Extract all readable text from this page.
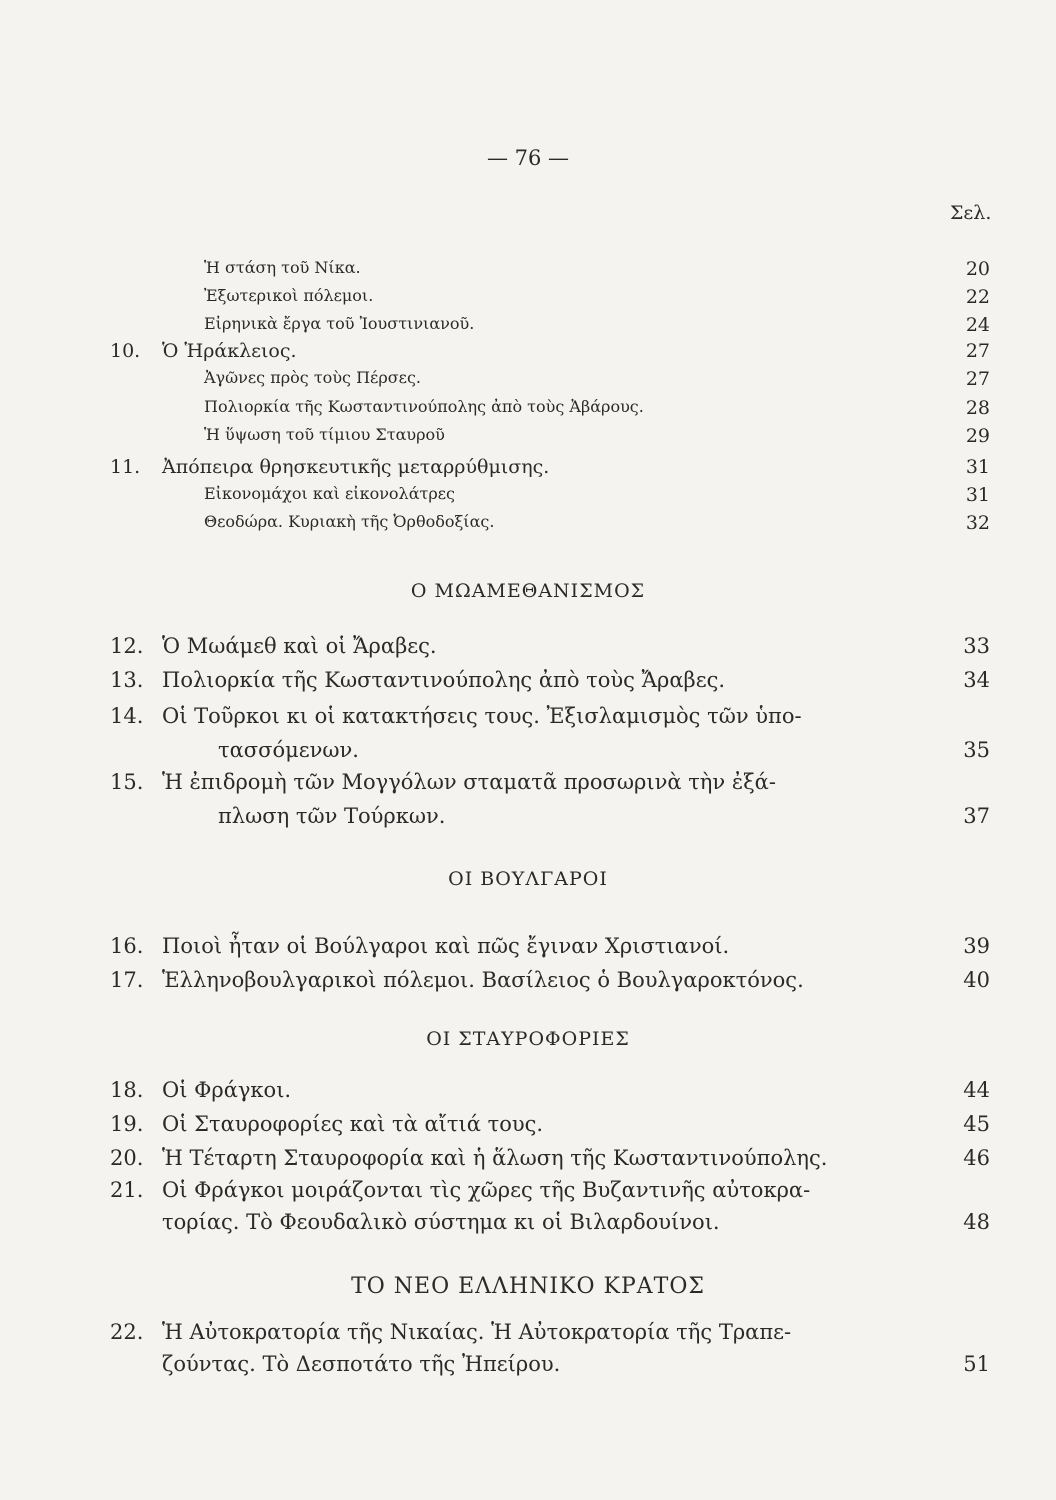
— 76 —
Σελ.
Ἡ στάση τοῦ Νίκα.	20
Ἐξωτερικοὶ πόλεμοι.	22
Εἰρηνικὰ ἔργα τοῦ Ἰουστινιανοῦ.	24
10.	Ὁ Ἡράκλειος.	27
Ἀγῶνες πρὸς τοὺς Πέρσες.	27
Πολιορκία τῆς Κωσταντινούπολης ἀπὸ τοὺς Ἀβάρους.	28
Ἡ ὕψωση τοῦ τίμιου Σταυροῦ	29
11.	Ἀπόπειρα θρησκευτικῆς μεταρρύθμισης.	31
Εἰκονομάχοι καὶ εἰκονολάτρες	31
Θεοδώρα. Κυριακὴ τῆς Ὀρθοδοξίας.	32
Ο ΜΩΑΜΕΘΑΝΙΣΜΟΣ
12. Ὁ Μωάμεθ καὶ οἱ Ἄραβες.	33
13. Πολιορκία τῆς Κωσταντινούπολης ἀπὸ τοὺς Ἄραβες.	34
14. Οἱ Τοῦρκοι κι οἱ κατακτήσεις τους. Ἐξισλαμισμὸς τῶν ὑπο-
τασσόμενων.	35
15. Ἡ ἐπιδρομὴ τῶν Μογγόλων σταματᾶ προσωρινὰ τὴν ἐξά-
πλωση τῶν Τούρκων.	37
ΟΙ ΒΟΥΛΓΑΡΟΙ
16. Ποιοὶ ἦταν οἱ Βούλγαροι καὶ πῶς ἔγιναν Χριστιανοί.	39
17. Ἑλληνοβουλγαρικοὶ πόλεμοι. Βασίλειος ὁ Βουλγαροκτόνος.	40
ΟΙ ΣΤΑΥΡΟΦΟΡΙΕΣ
18. Οἱ Φράγκοι.	44
19. Οἱ Σταυροφορίες καὶ τὰ αἴτιά τους.	45
20. Ἡ Τέταρτη Σταυροφορία καὶ ἡ ἅλωση τῆς Κωσταντινούπολης.	46
21. Οἱ Φράγκοι μοιράζονται τὶς χῶρες τῆς Βυζαντινῆς αὐτοκρα-
τορίας. Τὸ Φεουδαλικὸ σύστημα κι οἱ Βιλαρδουίνοι.	48
ΤΟ ΝΕΟ ΕΛΛΗΝΙΚΟ ΚΡΑΤΟΣ
22. Ἡ Αὐτοκρατορία τῆς Νικαίας. Ἡ Αὐτοκρατορία τῆς Τραπε-
ζούντας. Τὸ Δεσποτάτο τῆς Ἠπείρου.	51
